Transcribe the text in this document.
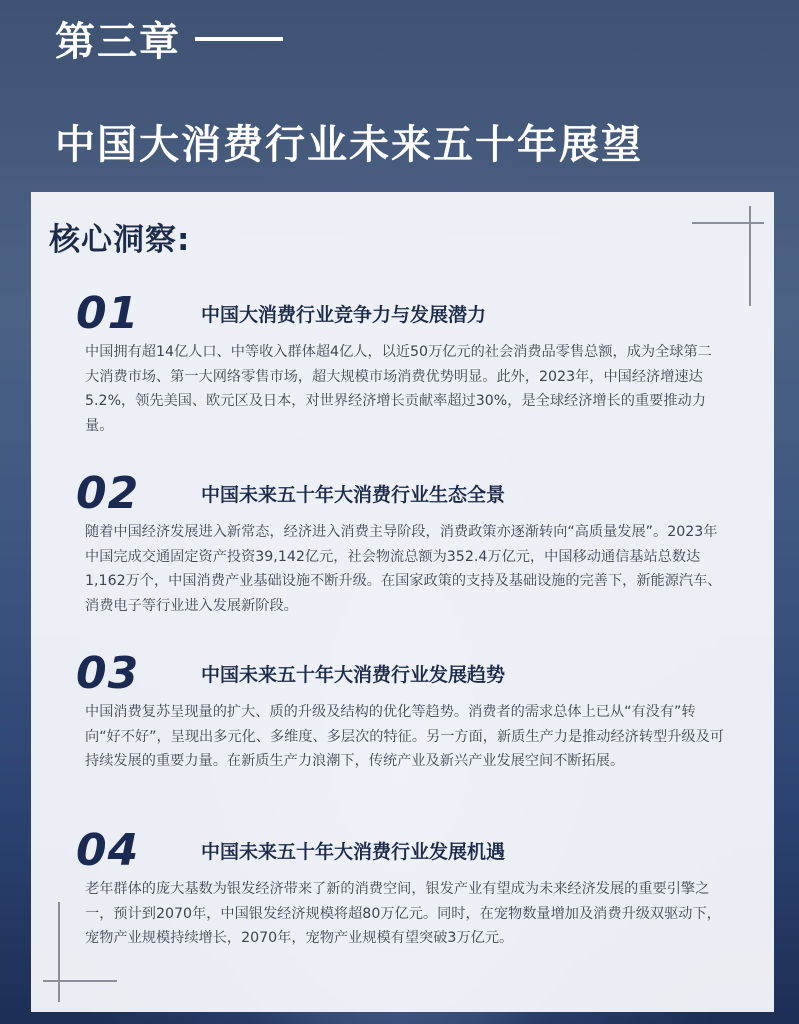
第三章
中国大消费行业未来五十年展望
核心洞察:
01	中国大消费行业竞争力与发展潜力

中国拥有超14亿人口、中等收入群体超4亿人，以近50万亿元的社会消费品零售总额，成为全球第二大消费市场、第一大网络零售市场，超大规模市场消费优势明显。此外，2023年，中国经济增速达5.2%，领先美国、欧元区及日本，对世界经济增长贡献率超过30%，是全球经济增长的重要推动力量。

02	中国未来五十年大消费行业生态全景

随着中国经济发展进入新常态，经济进入消费主导阶段，消费政策亦逐渐转向“高质量发展”。2023年中国完成交通固定资产投资39,142亿元，社会物流总额为352.4万亿元，中国移动通信基站总数达1,162万个，中国消费产业基础设施不断升级。在国家政策的支持及基础设施的完善下，新能源汽车、消费电子等行业进入发展新阶段。

03	中国未来五十年大消费行业发展趋势

中国消费复苏呈现量的扩大、质的升级及结构的优化等趋势。消费者的需求总体上已从“有没有”转向“好不好”，呈现出多元化、多维度、多层次的特征。另一方面，新质生产力是推动经济转型升级及可持续发展的重要力量。在新质生产力浪潮下，传统产业及新兴产业发展空间不断拓展。

04	中国未来五十年大消费行业发展机遇

老年群体的庞大基数为银发经济带来了新的消费空间，银发产业有望成为未来经济发展的重要引擎之一，预计到2070年，中国银发经济规模将超80万亿元。同时，在宠物数量增加及消费升级双驱动下，宠物产业规模持续增长，2070年，宠物产业规模有望突破3万亿元。
